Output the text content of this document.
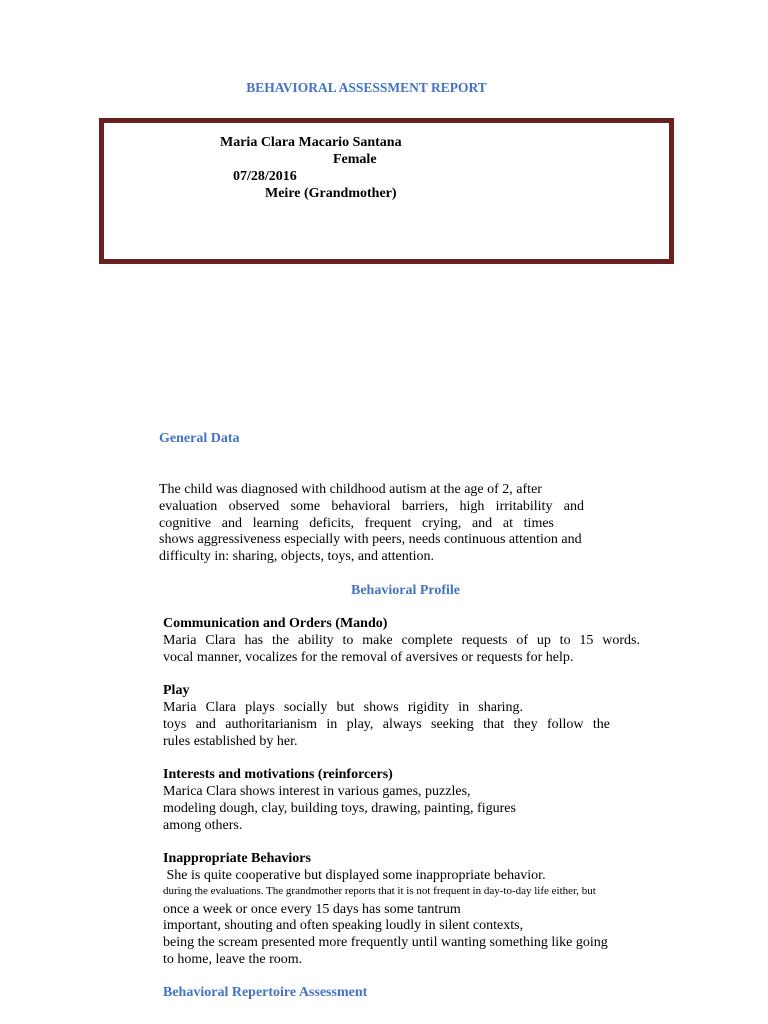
BEHAVIORAL ASSESSMENT REPORT
Maria Clara Macario Santana
Female
07/28/2016
Meire (Grandmother)
General Data
The child was diagnosed with childhood autism at the age of 2, after
evaluation observed some behavioral barriers, high irritability and
cognitive and learning deficits, frequent crying, and at times
shows aggressiveness especially with peers, needs continuous attention and
difficulty in: sharing, objects, toys, and attention.
Behavioral Profile
Communication and Orders (Mando)
Maria Clara has the ability to make complete requests of up to 15 words.
vocal manner, vocalizes for the removal of aversives or requests for help.
Play
Maria Clara plays socially but shows rigidity in sharing.
toys and authoritarianism in play, always seeking that they follow the
rules established by her.
Interests and motivations (reinforcers)
Marica Clara shows interest in various games, puzzles,
modeling dough, clay, building toys, drawing, painting, figures
among others.
Inappropriate Behaviors
She is quite cooperative but displayed some inappropriate behavior.
during the evaluations. The grandmother reports that it is not frequent in day-to-day life either, but
once a week or once every 15 days has some tantrum
important, shouting and often speaking loudly in silent contexts,
being the scream presented more frequently until wanting something like going
to home, leave the room.
Behavioral Repertoire Assessment
